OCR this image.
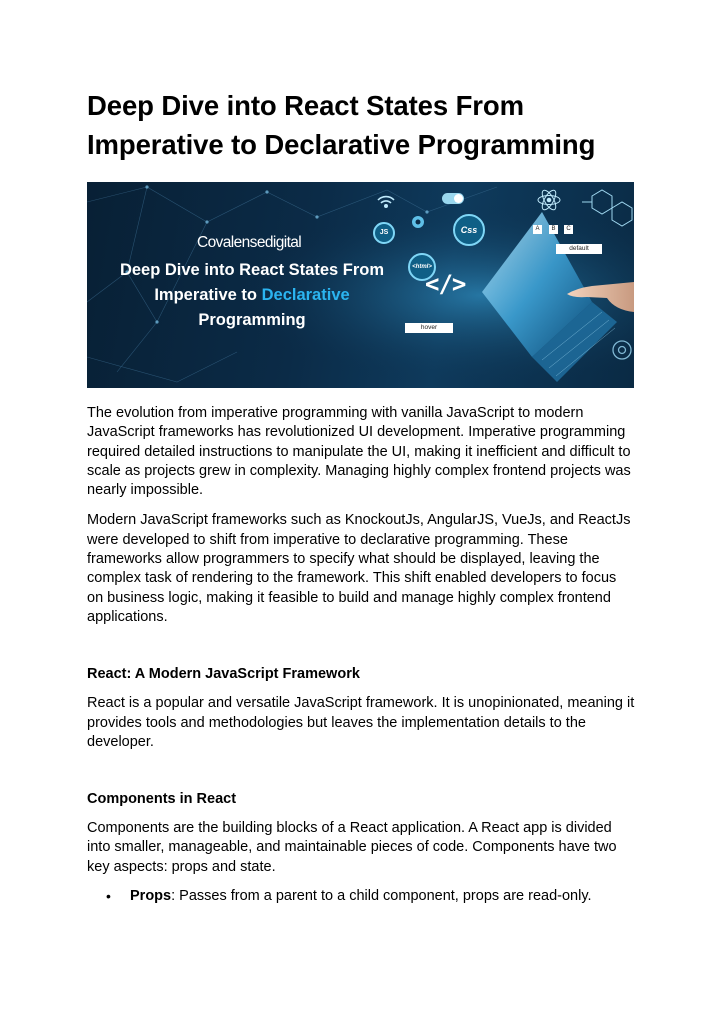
Deep Dive into React States From Imperative to Declarative Programming
JS	Css
<html>
</>
A	B	C
default
hover
Covalensedigital
Deep Dive into React States From
Imperative to Declarative
Programming

The evolution from imperative programming with vanilla JavaScript to modern JavaScript frameworks has revolutionized UI development. Imperative programming required detailed instructions to manipulate the UI, making it inefficient and difficult to scale as projects grew in complexity. Managing highly complex frontend projects was nearly impossible.

Modern JavaScript frameworks such as KnockoutJs, AngularJS, VueJs, and ReactJs were developed to shift from imperative to declarative programming. These frameworks allow programmers to specify what should be displayed, leaving the complex task of rendering to the framework. This shift enabled developers to focus on business logic, making it feasible to build and manage highly complex frontend applications.

React: A Modern JavaScript Framework

React is a popular and versatile JavaScript framework. It is unopinionated, meaning it provides tools and methodologies but leaves the implementation details to the developer.

Components in React

Components are the building blocks of a React application. A React app is divided into smaller, manageable, and maintainable pieces of code. Components have two key aspects: props and state.

• Props: Passes from a parent to a child component, props are read-only.
